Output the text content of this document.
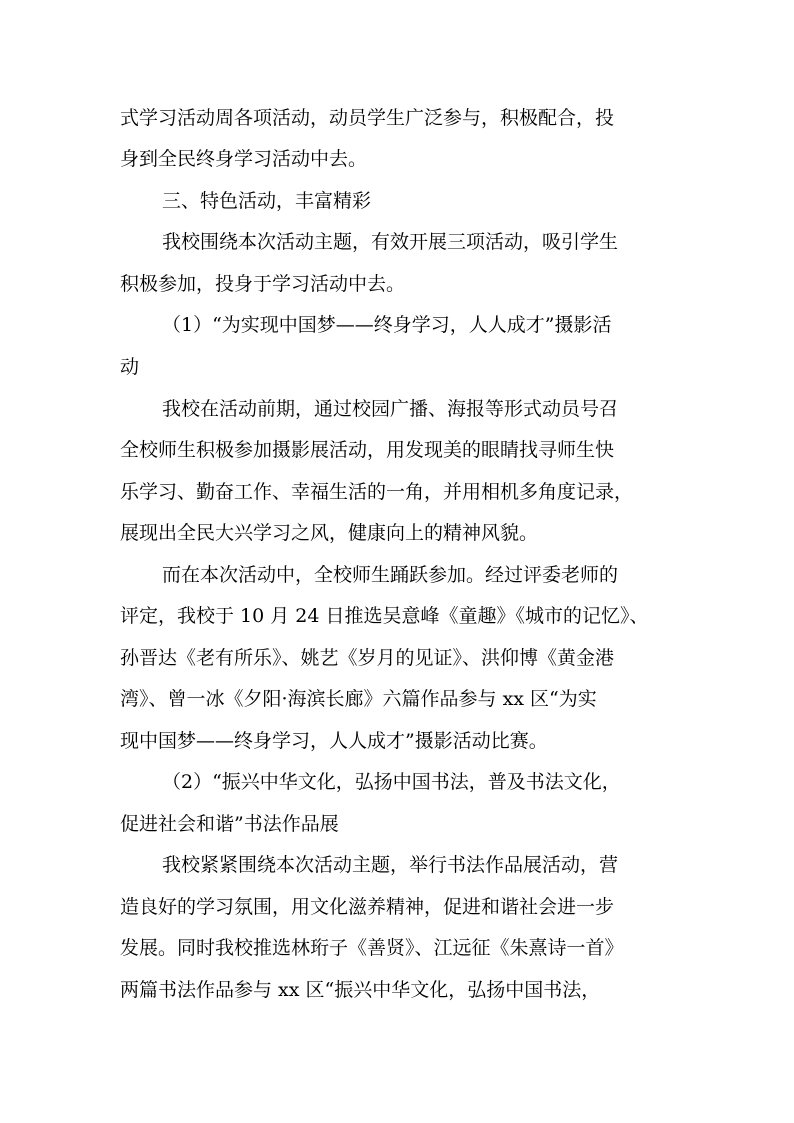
式学习活动周各项活动，动员学生广泛参与，积极配合，投
身到全民终身学习活动中去。
三、特色活动，丰富精彩
我校围绕本次活动主题，有效开展三项活动，吸引学生
积极参加，投身于学习活动中去。
（1）“为实现中国梦——终身学习，人人成才”摄影活
动
我校在活动前期，通过校园广播、海报等形式动员号召
全校师生积极参加摄影展活动，用发现美的眼睛找寻师生快
乐学习、勤奋工作、幸福生活的一角，并用相机多角度记录，
展现出全民大兴学习之风，健康向上的精神风貌。
而在本次活动中，全校师生踊跃参加。经过评委老师的
评定，我校于 10 月 24 日推选吴意峰《童趣》《城市的记忆》、
孙晋达《老有所乐》、姚艺《岁月的见证》、洪仰博《黄金港
湾》、曾一冰《夕阳·海滨长廊》六篇作品参与 xx 区“为实
现中国梦——终身学习，人人成才”摄影活动比赛。
（2）“振兴中华文化，弘扬中国书法，普及书法文化，
促进社会和谐”书法作品展
我校紧紧围绕本次活动主题，举行书法作品展活动，营
造良好的学习氛围，用文化滋养精神，促进和谐社会进一步
发展。同时我校推选林珩子《善贤》、江远征《朱熹诗一首》
两篇书法作品参与 xx 区“振兴中华文化，弘扬中国书法，
